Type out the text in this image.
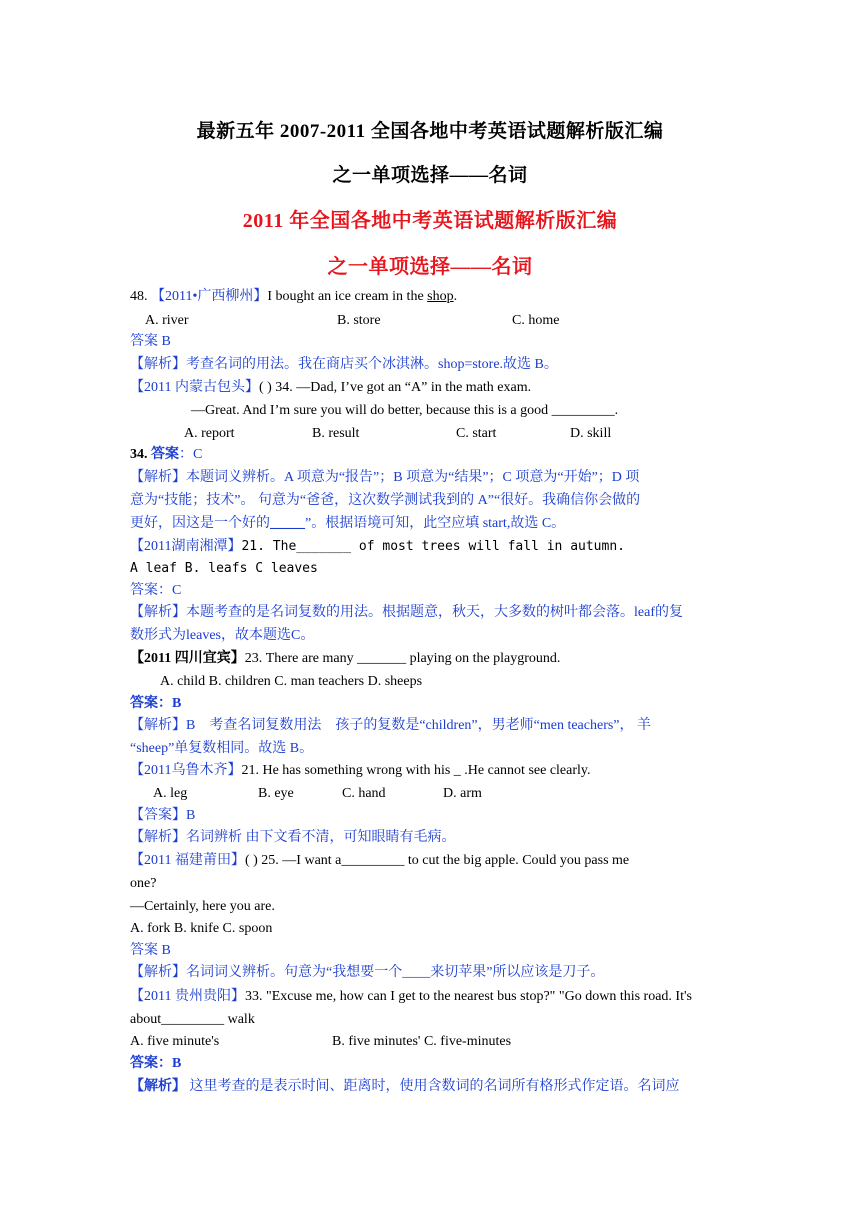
最新五年 2007-2011 全国各地中考英语试题解析版汇编
之一单项选择——名词
2011 年全国各地中考英语试题解析版汇编
之一单项选择——名词
48. 【2011•广西柳州】I bought an ice cream in the shop.
A. river	B. store	C. home
答案 B
【解析】考查名词的用法。我在商店买个冰淇淋。shop=store.故选 B。
【2011 内蒙古包头】( ) 34. —Dad, I’ve got an “A” in the math exam.
—Great. And I’m sure you will do better, because this is a good _________.
A. report	B. result	C. start	D. skill
34. 答案：C
【解析】本题词义辨析。A 项意为“报告”；B 项意为“结果”；C 项意为“开始”；D 项
意为“技能；技术”。 句意为“爸爸，这次数学测试我到的 A”“很好。我确信你会做的
更好，因这是一个好的_____”。根据语境可知，此空应填 start,故选 C。
【2011湖南湘潭】21. The_______ of most trees will fall in autumn.
A leaf B. leafs C leaves
答案：C
【解析】本题考查的是名词复数的用法。根据题意，秋天，大多数的树叶都会落。leaf的复
数形式为leaves，故本题选C。
【2011 四川宜宾】23. There are many _______ playing on the playground.
A. child B. children C. man teachers D. sheeps
答案：B
【解析】B　考查名词复数用法　孩子的复数是“children”，男老师“men teachers”， 羊
“sheep”单复数相同。故选 B。
【2011乌鲁木齐】21. He has something wrong with his _ .He cannot see clearly.
A. leg	B. eye	C. hand	D. arm
【答案】B
【解析】名词辨析 由下文看不清，可知眼睛有毛病。
【2011 福建莆田】( ) 25. —I want a_________ to cut the big apple. Could you pass me
one?
—Certainly, here you are.
A. fork B. knife C. spoon
答案 B
【解析】名词词义辨析。句意为“我想要一个____来切苹果”所以应该是刀子。
【2011 贵州贵阳】33. "Excuse me, how can I get to the nearest bus stop?" "Go down this road. It's
about_________ walk
A. five minute's	B. five minutes' C. five-minutes
答案：B
【解析】 这里考查的是表示时间、距离时，使用含数词的名词所有格形式作定语。名词应
